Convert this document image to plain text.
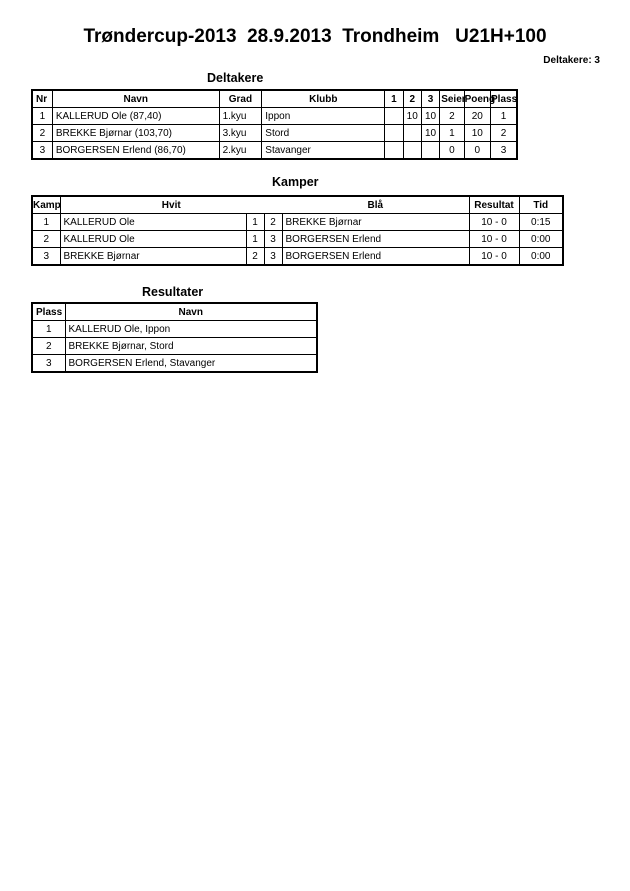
Trøndercup-2013  28.9.2013  Trondheim   U21H+100
Deltakere: 3
Deltakere
Nr	Navn	Grad	Klubb	1	2	3	Seier	Poeng	Plass
1	KALLERUD Ole (87,40)	1.kyu	Ippon		10	10	2	20	1
2	BREKKE Bjørnar (103,70)	3.kyu	Stord			10	1	10	2
3	BORGERSEN Erlend (86,70)	2.kyu	Stavanger				0	0	3
Kamper
Kamp	Hvit			Blå	Resultat	Tid
1	KALLERUD Ole	1	2	BREKKE Bjørnar	10 - 0	0:15
2	KALLERUD Ole	1	3	BORGERSEN Erlend	10 - 0	0:00
3	BREKKE Bjørnar	2	3	BORGERSEN Erlend	10 - 0	0:00
Resultater
Plass	Navn
1	KALLERUD Ole, Ippon
2	BREKKE Bjørnar, Stord
3	BORGERSEN Erlend, Stavanger
